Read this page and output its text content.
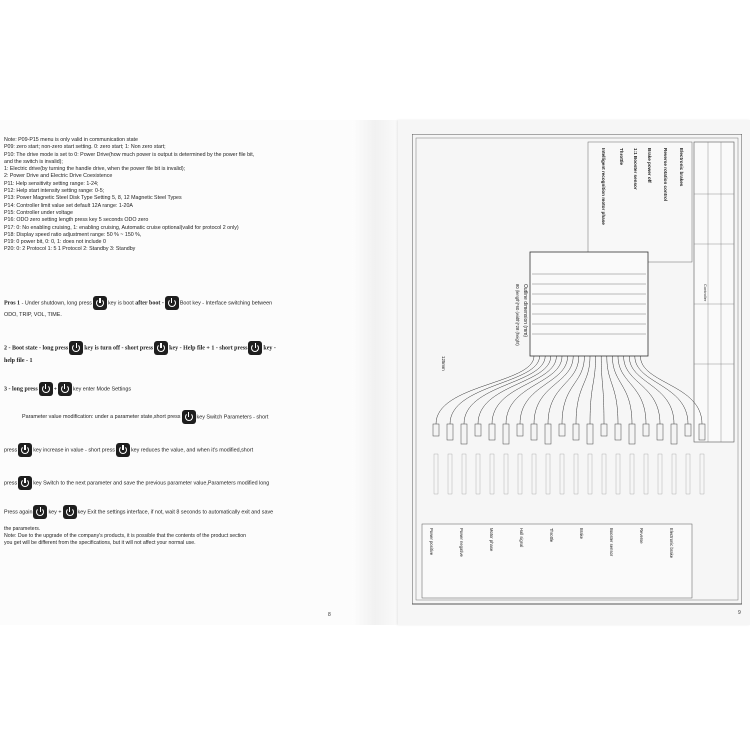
Note: P09-P15 menu is only valid in communication state
P09: zero start; non-zero start setting. 0: zero start; 1: Non zero start;
P10: The drive mode is set to 0: Power Drive(how much power is output is determined by the power file bit,
and the switch is invalid);
1: Electric drive(by turning the handle drive, when the power file bit is invalid);
2: Power Drive and Electric Drive Coexistence
P11: Help sensitivity setting range: 1-24;
P12: Help start intensity setting range: 0-5;
P13: Power Magnetic Steel Disk Type Setting 5, 8, 12 Magnetic Steel Types
P14: Controller limit value set default 12A range: 1-20A
P15: Controller under voltage
P16: ODO zero setting length press key 5 seconds ODO zero
P17: 0: No enabling cruising, 1: enabling cruising, Automatic cruise optional(valid for protocol 2 only)
P18: Display speed ratio adjustment range: 50 % ~ 150 %,
P19: 0 power bit, 0: 0, 1: does not include 0
P20: 0: 2 Protocol 1: 5 1 Protocol 2: Standby 3: Standby
Pros 1 - Under shutdown, long press	key is boot after boot -	Boot key - Interface switching between
ODO, TRIP, VOL, TIME.
2 - Boot state - long press	key is turn off - short press	key - Help file + 1 - short press	key -
help file - 1
3 - long press	+	key enter Mode Settings
Parameter value modification: under a parameter state,short press	key Switch Parameters - short
press	key increase in value - short press	key reduces the value, and when it's modified,short
press	key Switch to the next parameter and save the previous parameter value,Parameters modified long
Press again	key +	key Exit the settings interface, if not, wait 8 seconds to automatically exit and save
the parameters.
Note: Due to the upgrade of the company's products, it is possible that the contents of the product section
you get will be different from the specifications, but it will not affect your normal use.
8
Controller
Intelligent recognition motor phase	Throttle 1:1 Booster sensor Brake power off Reverse rotation control Electronic brakes
Outline dimension (mm)
80 (length)*60 (width)*28 (height)
125mm
Power positive	Power negative	Motor phase	Hall signal	Throttle	Brake	Booster sensor	Reverse	Electronic brake
9
